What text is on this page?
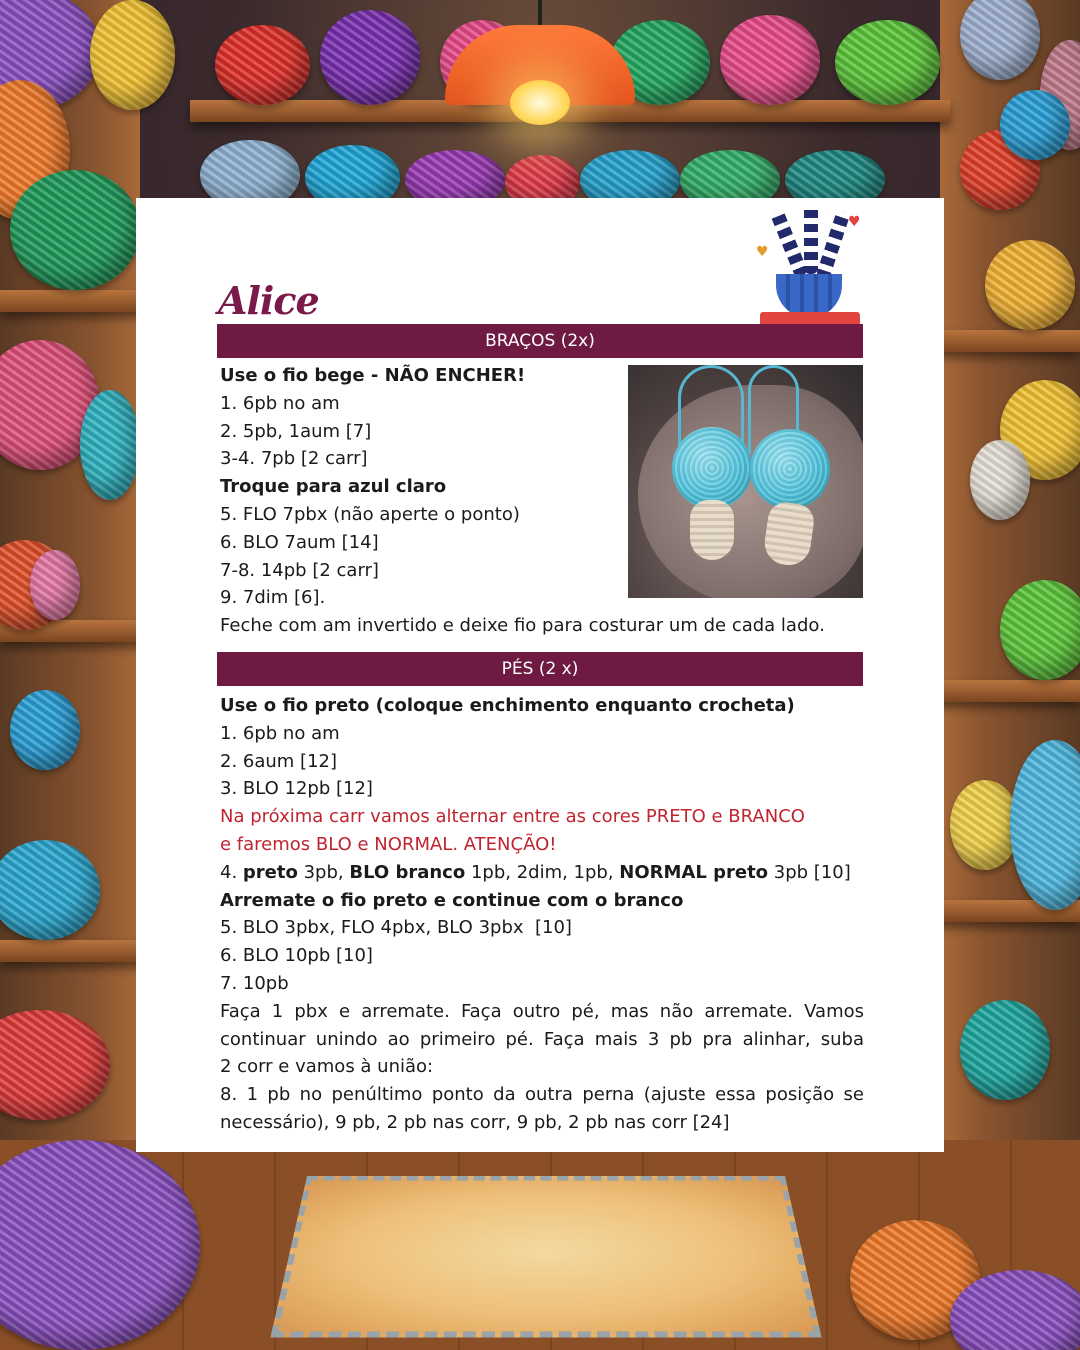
♥
♥
Alice
BRAÇOS (2x)
Use o fio bege - NÃO ENCHER!
1. 6pb no am
2. 5pb, 1aum [7]
3-4. 7pb [2 carr]
Troque para azul claro
5. FLO 7pbx (não aperte o ponto)
6. BLO 7aum [14]
7-8. 14pb [2 carr]
9. 7dim [6].
Feche com am invertido e deixe fio para costurar um de cada lado.
PÉS (2 x)
Use o fio preto (coloque enchimento enquanto crocheta)
1. 6pb no am
2. 6aum [12]
3. BLO 12pb [12]
Na próxima carr vamos alternar entre as cores PRETO e BRANCO
e faremos BLO e NORMAL. ATENÇÃO!
4. preto 3pb, BLO branco 1pb, 2dim, 1pb, NORMAL preto 3pb [10]
Arremate o fio preto e continue com o branco
5. BLO 3pbx, FLO 4pbx, BLO 3pbx  [10]
6. BLO 10pb [10]
7. 10pb
Faça 1 pbx e arremate. Faça outro pé, mas não arremate. Vamos
continuar unindo ao primeiro pé. Faça mais 3 pb pra alinhar, suba
2 corr e vamos à união:
8. 1 pb no penúltimo ponto da outra perna (ajuste essa posição se
necessário), 9 pb, 2 pb nas corr, 9 pb, 2 pb nas corr [24]
